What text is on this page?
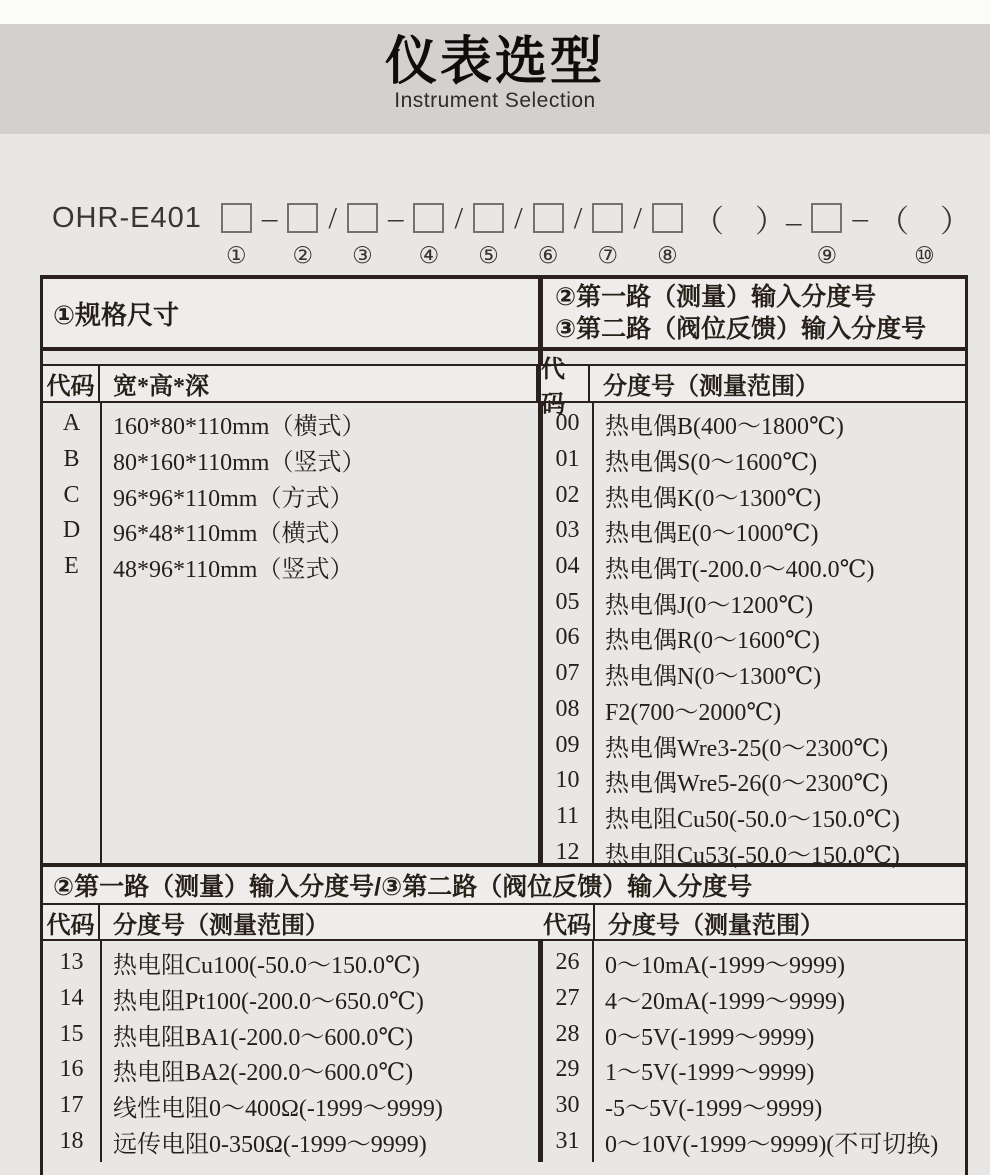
仪表选型
Instrument Selection
OHR-E401
①
–
②
/
③
–
④
/
⑤
/
⑥
/
⑦
/
⑧
（　）–
⑨
– （　）
⑩
①规格尺寸
②第一路（测量）输入分度号
③第二路（阀位反馈）输入分度号
代码 宽*高*深
代码
分度号（测量范围）
A	160*80*110mm（横式）
B	80*160*110mm（竖式）
C	96*96*110mm（方式）
D	96*48*110mm（横式）
E	48*96*110mm（竖式）
00	热电偶B(400～1800℃)
01	热电偶S(0～1600℃)
02	热电偶K(0～1300℃)
03	热电偶E(0～1000℃)
04	热电偶T(-200.0～400.0℃)
05	热电偶J(0～1200℃)
06	热电偶R(0～1600℃)
07	热电偶N(0～1300℃)
08	F2(700～2000℃)
09	热电偶Wre3-25(0～2300℃)
10	热电偶Wre5-26(0～2300℃)
11	热电阻Cu50(-50.0～150.0℃)
12	热电阻Cu53(-50.0～150.0℃)
②第一路（测量）输入分度号/③第二路（阀位反馈）输入分度号
代码 分度号（测量范围）	代码 分度号（测量范围）
13	热电阻Cu100(-50.0～150.0℃)
14	热电阻Pt100(-200.0～650.0℃)
15	热电阻BA1(-200.0～600.0℃)
16	热电阻BA2(-200.0～600.0℃)
17	线性电阻0～400Ω(-1999～9999)
18	远传电阻0-350Ω(-1999～9999)
26	0～10mA(-1999～9999)
27	4～20mA(-1999～9999)
28	0～5V(-1999～9999)
29	1～5V(-1999～9999)
30	-5～5V(-1999～9999)
31	0～10V(-1999～9999)(不可切换)
